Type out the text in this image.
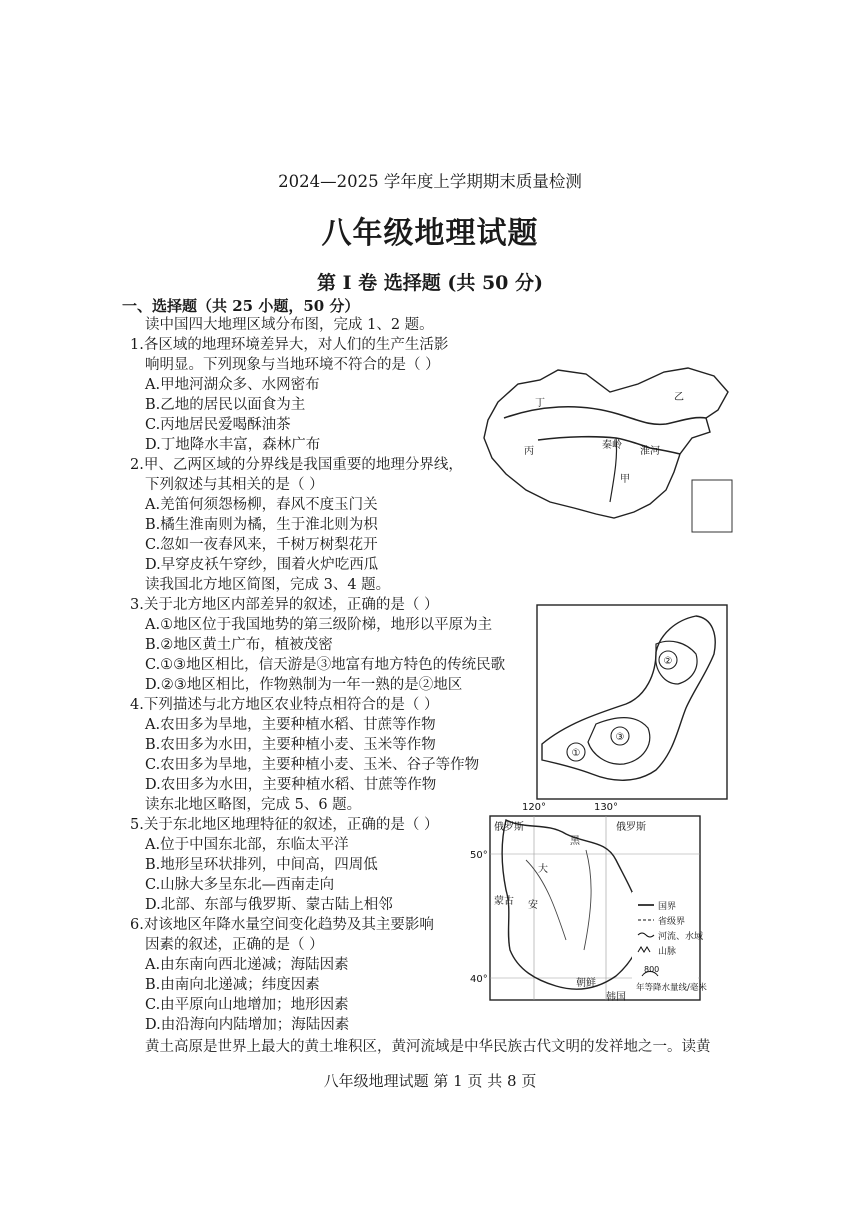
2024—2025 学年度上学期期末质量检测
八年级地理试题
第 I 卷 选择题 (共 50 分)
一、选择题（共 25 小题，50 分）
读中国四大地理区域分布图，完成 1、2 题。
1.各区域的地理环境差异大，对人们的生产生活影
响明显。下列现象与当地环境不符合的是（ ）
A.甲地河湖众多、水网密布
B.乙地的居民以面食为主
C.丙地居民爱喝酥油茶
D.丁地降水丰富，森林广布
2.甲、乙两区域的分界线是我国重要的地理分界线，
下列叙述与其相关的是（ ）
A.羌笛何须怨杨柳，春风不度玉门关
B.橘生淮南则为橘，生于淮北则为枳
C.忽如一夜春风来，千树万树梨花开
D.早穿皮袄午穿纱，围着火炉吃西瓜
读我国北方地区简图，完成 3、4 题。
3.关于北方地区内部差异的叙述，正确的是（ ）
A.①地区位于我国地势的第三级阶梯，地形以平原为主
B.②地区黄土广布，植被茂密
C.①③地区相比，信天游是③地富有地方特色的传统民歌
D.②③地区相比，作物熟制为一年一熟的是②地区
4.下列描述与北方地区农业特点相符合的是（ ）
A.农田多为旱地，主要种植水稻、甘蔗等作物
B.农田多为水田，主要种植小麦、玉米等作物
C.农田多为旱地，主要种植小麦、玉米、谷子等作物
D.农田多为水田，主要种植水稻、甘蔗等作物
读东北地区略图，完成 5、6 题。
5.关于东北地区地理特征的叙述，正确的是（ ）
A.位于中国东北部，东临太平洋
B.地形呈环状排列，中间高，四周低
C.山脉大多呈东北—西南走向
D.北部、东部与俄罗斯、蒙古陆上相邻
6.对该地区年降水量空间变化趋势及其主要影响
因素的叙述，正确的是（ ）
A.由东南向西北递减；海陆因素
B.由南向北递减；纬度因素
C.由平原向山地增加；地形因素
D.由沿海向内陆增加；海陆因素
黄土高原是世界上最大的黄土堆积区，黄河流域是中华民族古代文明的发祥地之一。读黄
丁
乙
丙
甲
秦岭
淮河
①
③
②
120°	130°
50°
40°
俄罗斯	俄罗斯
蒙古
朝鲜
韩国
黑
大
安	国界
省级界
河流、水域
山脉
800
年等降水量线/毫米
八年级地理试题 第 1 页 共 8 页
